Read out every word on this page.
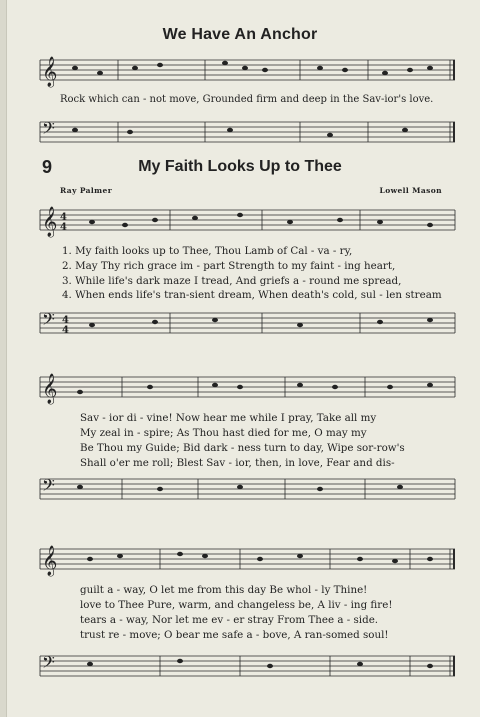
𝄞
𝄢
𝄞 4
4
𝄢 4
4
𝄞
𝄢
𝄞
𝄢
We Have An Anchor
Rock which can - not move, Grounded firm and deep in the Sav-ior's love.
9	My Faith Looks Up to Thee
Ray Palmer	Lowell Mason
1. My faith looks up to Thee, Thou Lamb of Cal - va - ry,
2. May Thy rich grace im - part Strength to my faint - ing heart,
3. While life's dark maze I tread, And griefs a - round me spread,
4. When ends life's tran-sient dream, When death's cold, sul - len stream
Sav - ior di - vine! Now hear me while I pray, Take all my
My zeal in - spire; As Thou hast died for me, O may my
Be Thou my Guide; Bid dark - ness turn to day, Wipe sor-row's
Shall o'er me roll; Blest Sav - ior, then, in love, Fear and dis-
guilt a - way, O let me from this day Be whol - ly Thine!
love to Thee Pure, warm, and changeless be, A liv - ing fire!
tears a - way, Nor let me ev - er stray From Thee a - side.
trust re - move; O bear me safe a - bove, A ran-somed soul!
